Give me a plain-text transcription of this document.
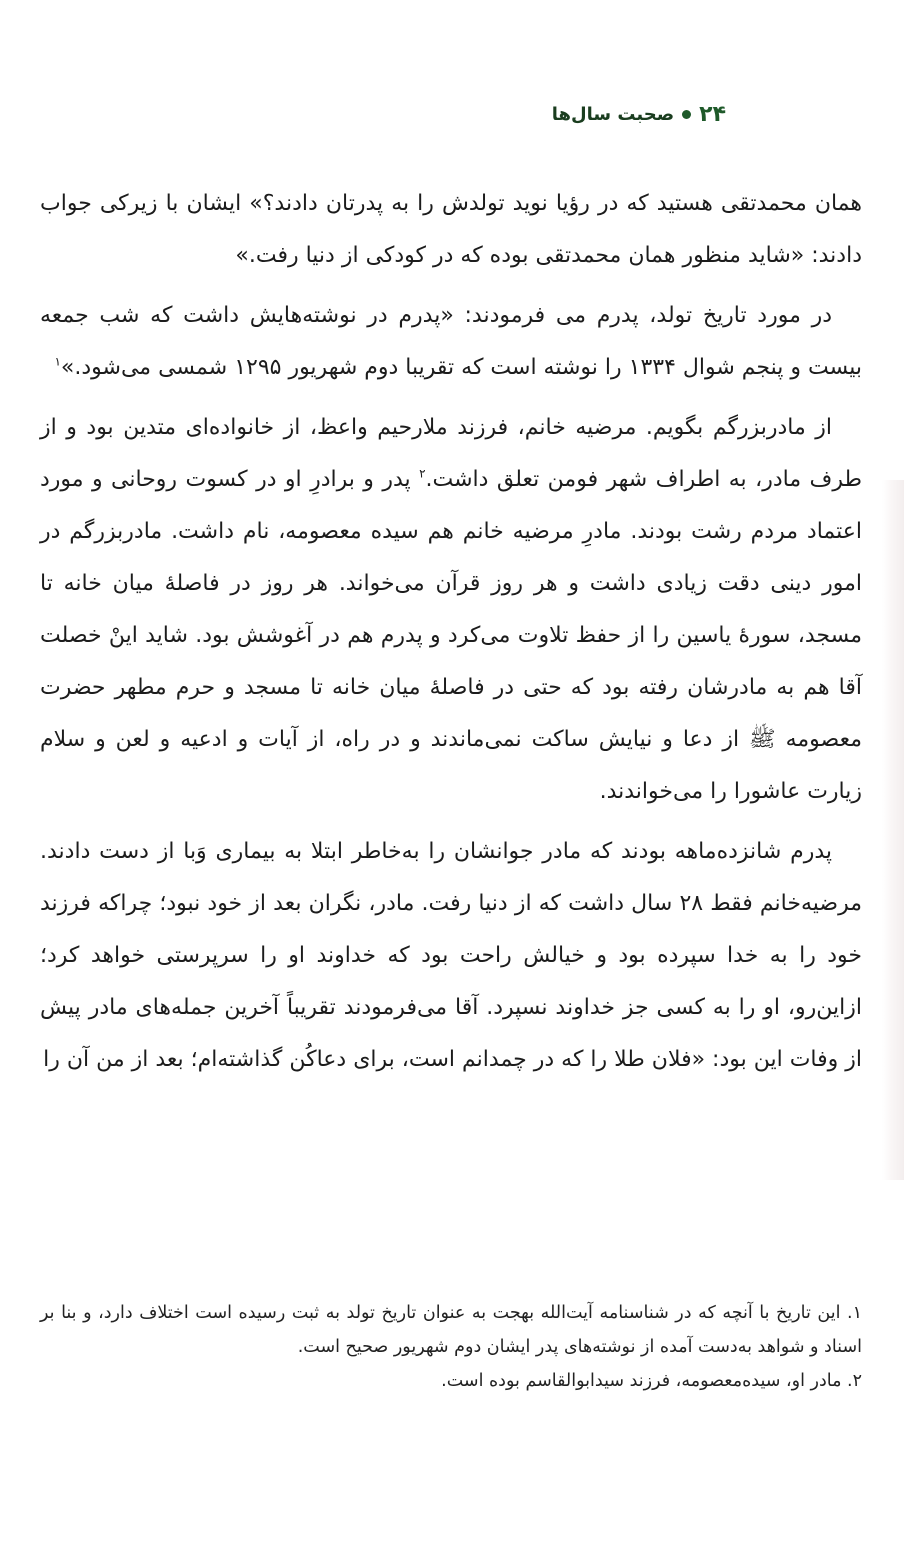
۲۴
صحبت سال‌ها

همان محمدتقی هستید که در رؤیا نوید تولدش را به پدرتان دادند؟» ایشان با زیرکی جواب دادند: «شاید منظور همان محمدتقی بوده که در کودکی از دنیا رفت.»

در مورد تاریخ تولد، پدرم می فرمودند: «پدرم در نوشته‌هایش داشت که شب جمعه بیست و پنجم شوال ۱۳۳۴ را نوشته است که تقریبا دوم شهریور ۱۲۹۵ شمسی می‌شود.»$^۱$

از مادربزرگم بگویم. مرضیه خانم، فرزند ملارحیم واعظ، از خانواده‌ای متدین بود و از طرف مادر، به اطراف شهر فومن تعلق داشت.$^۲$ پدر و برادرِ او در کسوت روحانی و مورد اعتماد مردم رشت بودند. مادرِ مرضیه خانم هم سیده معصومه، نام داشت. مادربزرگم در امور دینی دقت زیادی داشت و هر روز قرآن می‌خواند. هر روز در فاصلهٔ میان خانه تا مسجد، سورهٔ یاسین را از حفظ تلاوت می‌کرد و پدرم هم در آغوشش بود. شاید اینْ خصلت آقا هم به مادرشان رفته بود که حتی در فاصلهٔ میان خانه تا مسجد و حرم مطهر حضرت معصومه ﷺ از دعا و نیایش ساکت نمی‌ماندند و در راه، از آیات و ادعیه و لعن و سلام زیارت عاشورا را می‌خواندند.

پدرم شانزده‌ماهه بودند که مادر جوانشان را به‌خاطر ابتلا به بیماری وَبا از دست دادند. مرضیه‌خانم فقط ۲۸ سال داشت که از دنیا رفت. مادر، نگران بعد از خود نبود؛ چراکه فرزند خود را به خدا سپرده بود و خیالش راحت بود که خداوند او را سرپرستی خواهد کرد؛ ازاین‌رو، او را به کسی جز خداوند نسپرد. آقا می‌فرمودند تقریباً آخرین جمله‌های مادر پیش از وفات این بود: «فلان طلا را که در چمدانم است، برای دعاکُن گذاشته‌ام؛ بعد از من آن را

۱. این تاریخ با آنچه که در شناسنامه آیت‌الله بهجت به عنوان تاریخ تولد به ثبت رسیده است اختلاف دارد، و بنا بر اسناد و شواهد به‌دست آمده از نوشته‌های پدر ایشان دوم شهریور صحیح است.

۲. مادر او، سیده‌معصومه، فرزند سیدابوالقاسم بوده است.
